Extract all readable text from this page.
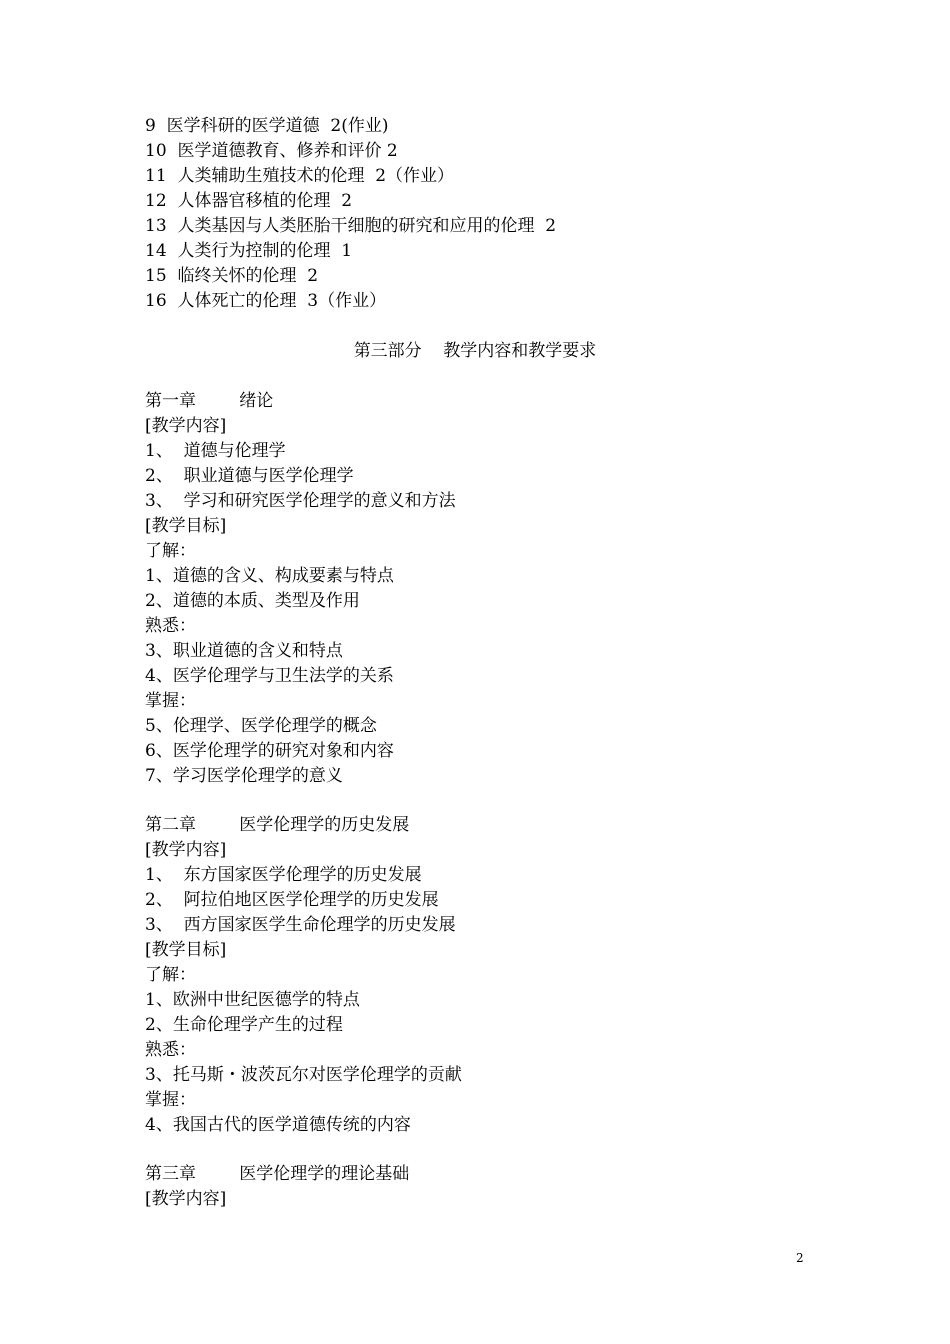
9  医学科研的医学道德  2(作业)
10  医学道德教育、修养和评价 2
11  人类辅助生殖技术的伦理  2（作业）
12  人体器官移植的伦理  2
13  人类基因与人类胚胎干细胞的研究和应用的伦理  2
14  人类行为控制的伦理  1
15  临终关怀的伦理  2
16  人体死亡的伦理  3（作业）
第三部分    教学内容和教学要求
第一章        绪论
[教学内容]
1、  道德与伦理学
2、  职业道德与医学伦理学
3、  学习和研究医学伦理学的意义和方法
[教学目标]
了解：
1、道德的含义、构成要素与特点
2、道德的本质、类型及作用
熟悉：
3、职业道德的含义和特点
4、医学伦理学与卫生法学的关系
掌握：
5、伦理学、医学伦理学的概念
6、医学伦理学的研究对象和内容
7、学习医学伦理学的意义
第二章        医学伦理学的历史发展
[教学内容]
1、  东方国家医学伦理学的历史发展
2、  阿拉伯地区医学伦理学的历史发展
3、  西方国家医学生命伦理学的历史发展
[教学目标]
了解：
1、欧洲中世纪医德学的特点
2、生命伦理学产生的过程
熟悉：
3、托马斯・波茨瓦尔对医学伦理学的贡献
掌握：
4、我国古代的医学道德传统的内容
第三章        医学伦理学的理论基础
[教学内容]
2
